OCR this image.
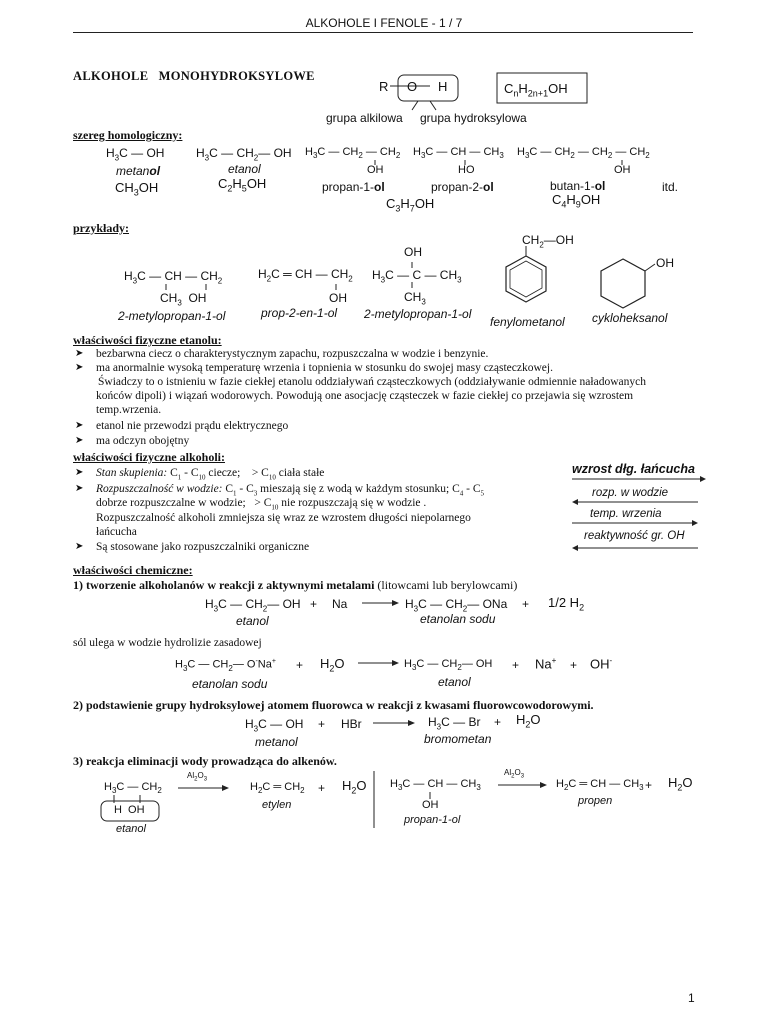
ALKOHOLE I FENOLE - 1 / 7
ALKOHOLE   MONOHYDROKSYLOWE
R O H
grupa alkilowa grupa hydroksylowa
$C_nH_{2n+1}OH$
szereg homologiczny:
$H_3C$ — OH
metanol
$CH_3OH$
$H_3C$ — $CH_2—$ OH
etanol
$C_2H_5OH$
$H_3C$ — $CH_2$ — $CH_2$
OH
propan-1-ol
$H_3C$ — CH — $CH_3$
HO
propan-2-ol
$C_3H_7OH$
$H_3C$ — $CH_2$ — $CH_2$ — $CH_2$
OH
butan-1-ol
$C_4H_9OH$
itd.
przykłady:
$H_3C$ — CH — $CH_2$
$CH_3$  OH
2-metylopropan-1-ol
$H_2C$ ═ CH — $CH_2$
OH
prop-2-en-1-ol
OH
$H_3C$ — C — $CH_3$
$CH_3$
2-metylopropan-1-ol
$CH_2—OH$
fenylometanol
OH
cykloheksanol
właściwości fizyczne etanolu:
➤ bezbarwna ciecz o charakterystycznym zapachu, rozpuszczalna w wodzie i benzynie.
➤ ma anormalnie wysoką temperaturę wrzenia i topnienia w stosunku do swojej masy cząsteczkowej.
Świadczy to o istnieniu w fazie ciekłej etanolu oddziaływań cząsteczkowych (oddziaływanie odmiennie naładowanych
końców dipoli) i wiązań wodorowych. Powodują one asocjację cząsteczek w fazie ciekłej co przejawia się wzrostem
temp.wrzenia.
➤ etanol nie przewodzi prądu elektrycznego
➤ ma odczyn obojętny
właściwości fizyczne alkoholi:
➤ Stan skupienia: $C_1 - C_{10}$ ciecze;    > $C_{10}$ ciała stałe
➤ Rozpuszczalność w wodzie: $C_1 - C_3$ mieszają się z wodą w każdym stosunku; $C_4 - C_5$
dobrze rozpuszczalne w wodzie;   > $C_{10}$ nie rozpuszczają się w wodzie .
Rozpuszczalność alkoholi zmniejsza się wraz ze wzrostem długości niepolarnego
łańcucha
➤ Są stosowane jako rozpuszczalniki organiczne
wzrost dłg. łańcucha
rozp. w wodzie
temp. wrzenia
reaktywność gr. OH
właściwości chemiczne:
1) tworzenie alkoholanów w reakcji z aktywnymi metalami (litowcami lub berylowcami)
$H_3C$ — $CH_2—$ OH + Na	$H_3C$ — $CH_2—$ ONa + 1/2 $H_2$
etanol	etanolan sodu
sól ulega w wodzie hydrolizie zasadowej
$H_3C$ — $CH_2—$ $O^-Na^+ + H_2O$	$H_3C$ — $CH_2—$ OH + Na+ + OH-
etanolan sodu	etanol
2) podstawienie grupy hydroksylowej atomem fluorowca w reakcji z kwasami fluorowcowodorowymi.
$H_3C$ — OH + HBr	$H_3C$ — $Br + H_2O$
metanol	bromometan
3) reakcja eliminacji wody prowadząca do alkenów.
$Al_2O_3$
$Al_2O_3$
$H_3C$ — $CH_2$
H  OH
etanol
$H_2C$ ═ $CH_2$
etylen
+ $H_2O$ $H_3C$ — CH — $CH_3$
OH
propan-1-ol
$H_2C$ ═ CH — $CH_3$
propen
+ $H_2O$
1
